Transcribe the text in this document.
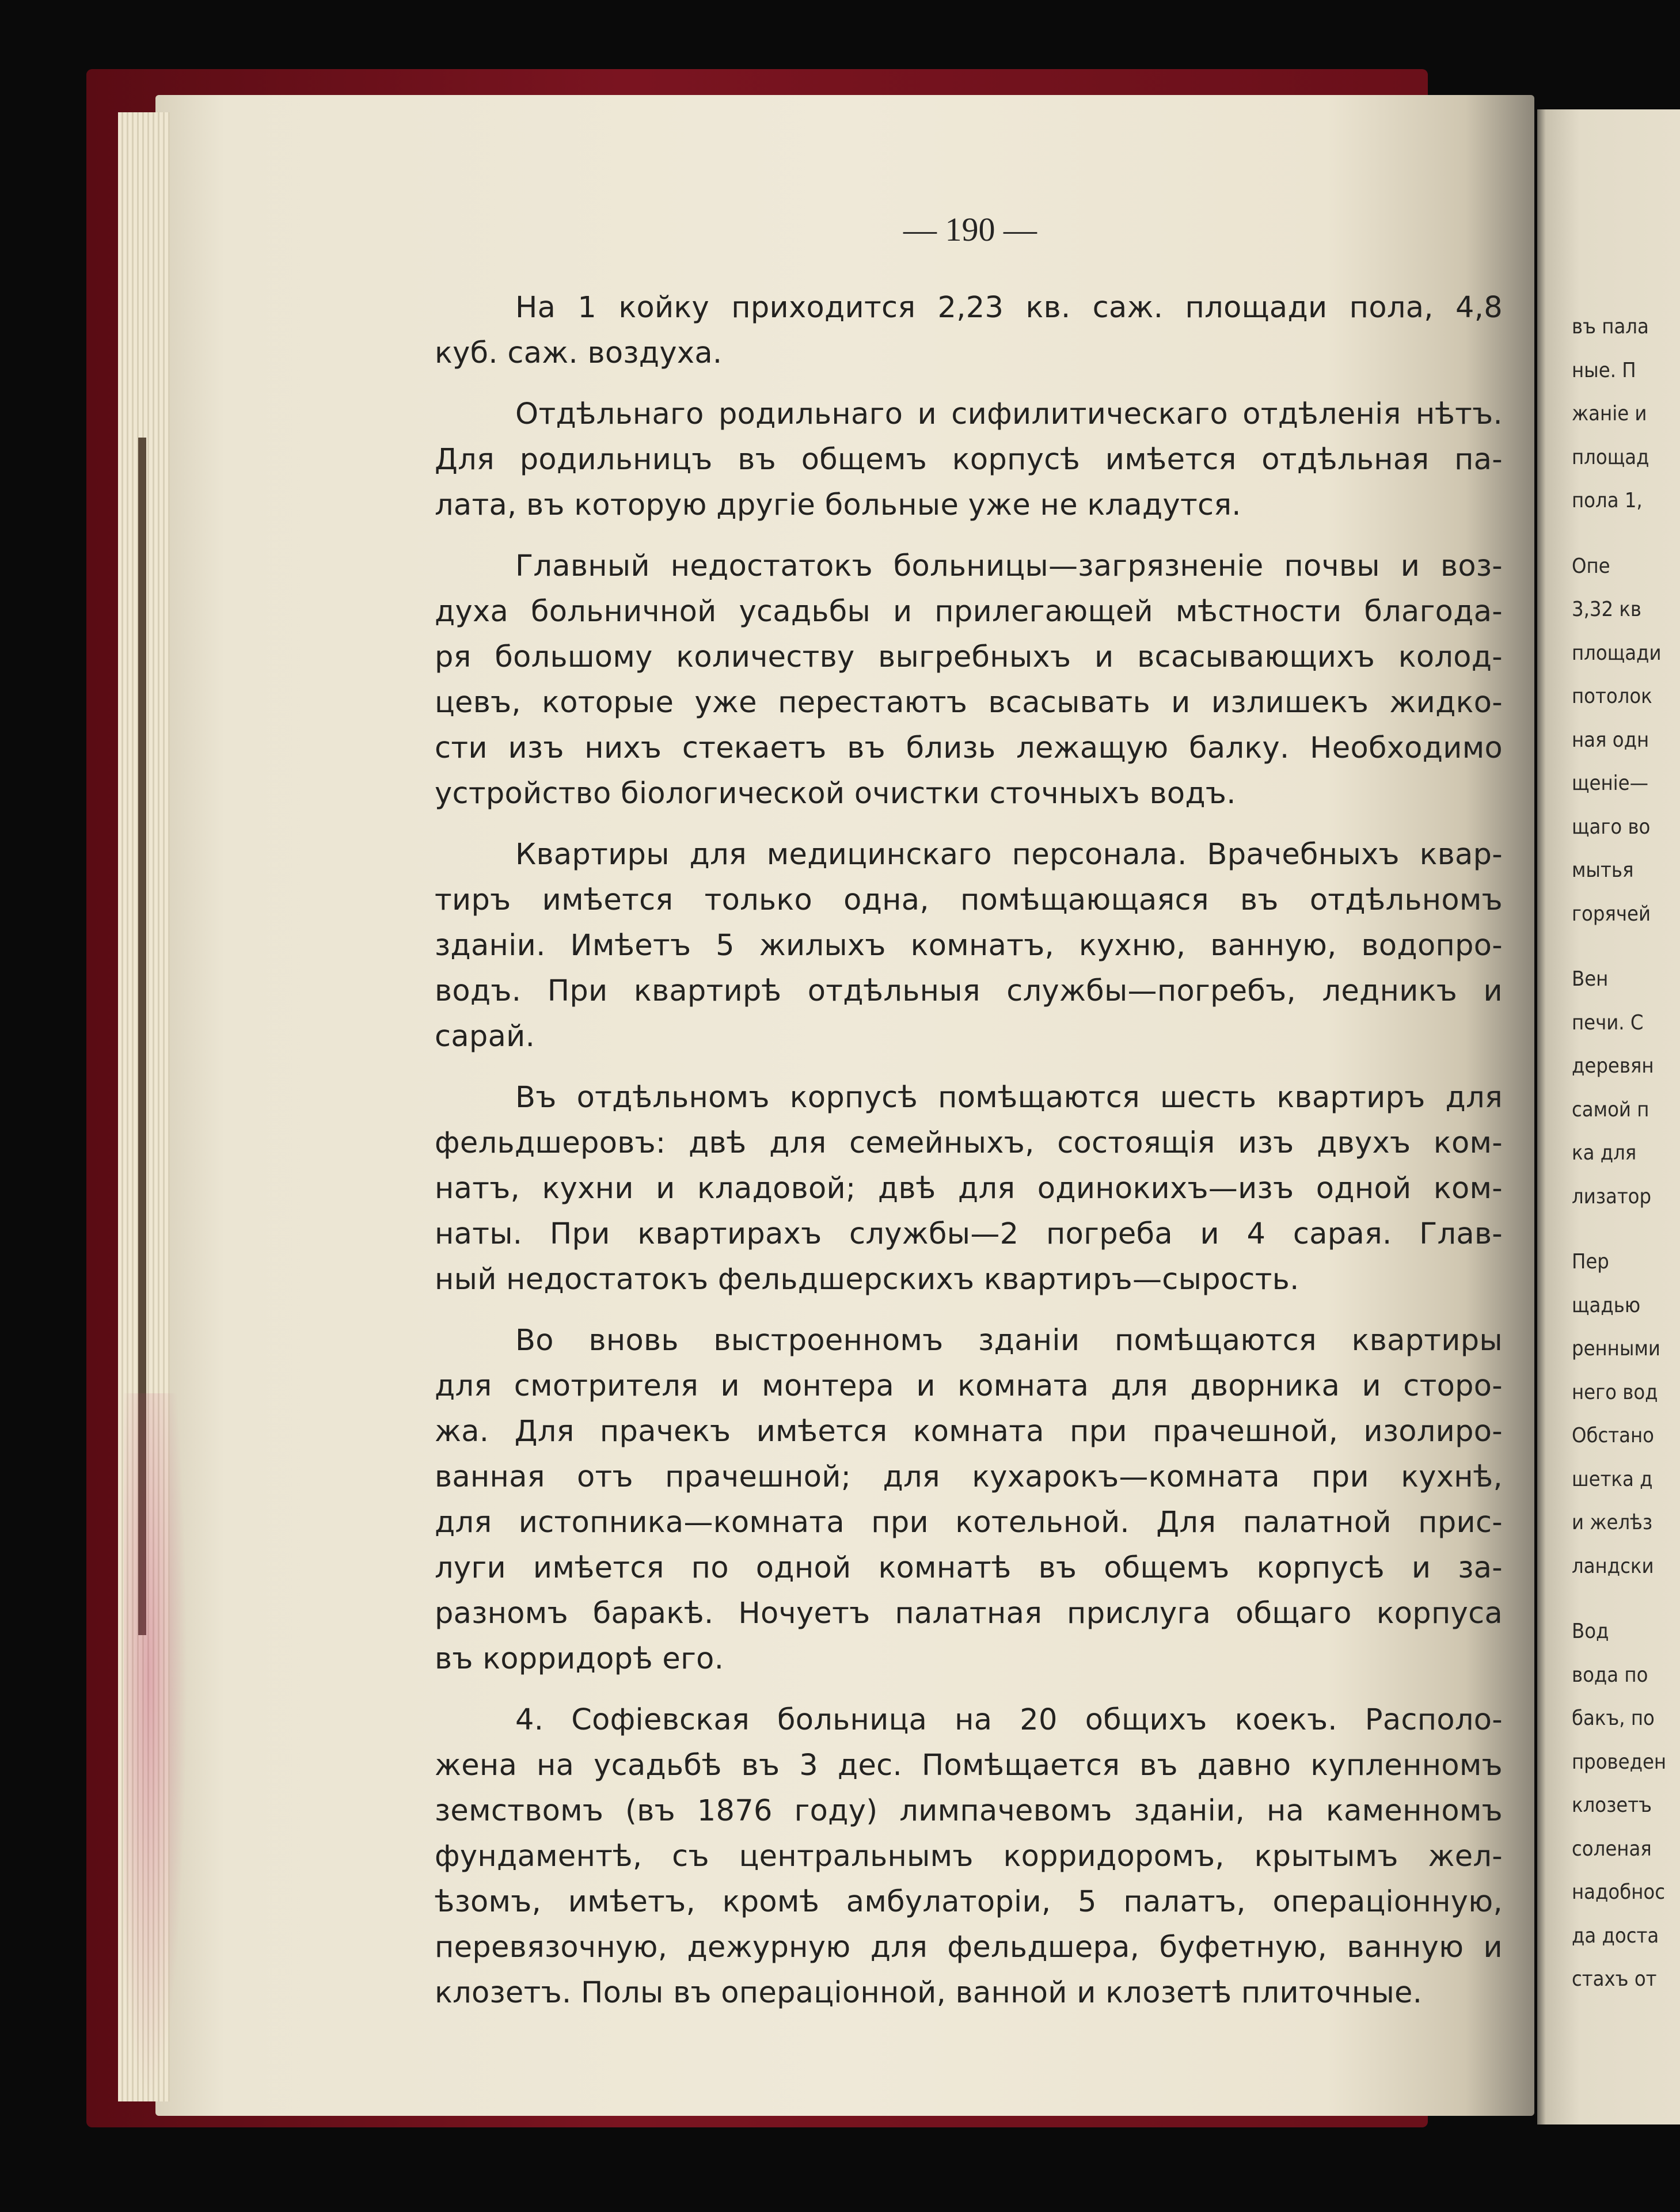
въ пала
ные. П
жаніе и
площад
пола 1,
Опе
3,32 кв
площади
потолок
ная одн
щеніе—
щаго во
мытья
горячей
Вен
печи. С
деревян
самой п
ка для
лизатор
Пер
щадью
ренными
него вод
Обстано
шетка д
и желѣз
ландски
Вод
вода по
бакъ, по
проведен
клозетъ
соленая
надобнос
да доста
стахъ от
— 190 —
На 1 койку приходится 2,23 кв. саж. площади пола, 4,8
куб. саж. воздуха.
Отдѣльнаго родильнаго и сифилитическаго отдѣленія нѣтъ.
Для родильницъ въ общемъ корпусѣ имѣется отдѣльная па-
лата, въ которую другіе больные уже не кладутся.
Главный недостатокъ больницы—загрязненіе почвы и воз-
духа больничной усадьбы и прилегающей мѣстности благода-
ря большому количеству выгребныхъ и всасывающихъ колод-
цевъ, которые уже перестаютъ всасывать и излишекъ жидко-
сти изъ нихъ стекаетъ въ близь лежащую балку. Необходимо
устройство біологической очистки сточныхъ водъ.
Квартиры для медицинскаго персонала. Врачебныхъ квар-
тиръ имѣется только одна, помѣщающаяся въ отдѣльномъ
зданіи. Имѣетъ 5 жилыхъ комнатъ, кухню, ванную, водопро-
водъ. При квартирѣ отдѣльныя службы—погребъ, ледникъ и
сарай.
Въ отдѣльномъ корпусѣ помѣщаются шесть квартиръ для
фельдшеровъ: двѣ для семейныхъ, состоящія изъ двухъ ком-
натъ, кухни и кладовой; двѣ для одинокихъ—изъ одной ком-
наты. При квартирахъ службы—2 погреба и 4 сарая. Глав-
ный недостатокъ фельдшерскихъ квартиръ—сырость.
Во вновь выстроенномъ зданіи помѣщаются квартиры
для смотрителя и монтера и комната для дворника и сторо-
жа. Для прачекъ имѣется комната при прачешной, изолиро-
ванная отъ прачешной; для кухарокъ—комната при кухнѣ,
для истопника—комната при котельной. Для палатной прис-
луги имѣется по одной комнатѣ въ общемъ корпусѣ и за-
разномъ баракѣ. Ночуетъ палатная прислуга общаго корпуса
въ корридорѣ его.
4. Софіевская больница на 20 общихъ коекъ. Располо-
жена на усадьбѣ въ 3 дес. Помѣщается въ давно купленномъ
земствомъ (въ 1876 году) лимпачевомъ зданіи, на каменномъ
фундаментѣ, съ центральнымъ корридоромъ, крытымъ жел-
ѣзомъ, имѣетъ, кромѣ амбулаторіи, 5 палатъ, операціонную,
перевязочную, дежурную для фельдшера, буфетную, ванную и
клозетъ. Полы въ операціонной, ванной и клозетѣ плиточные.
